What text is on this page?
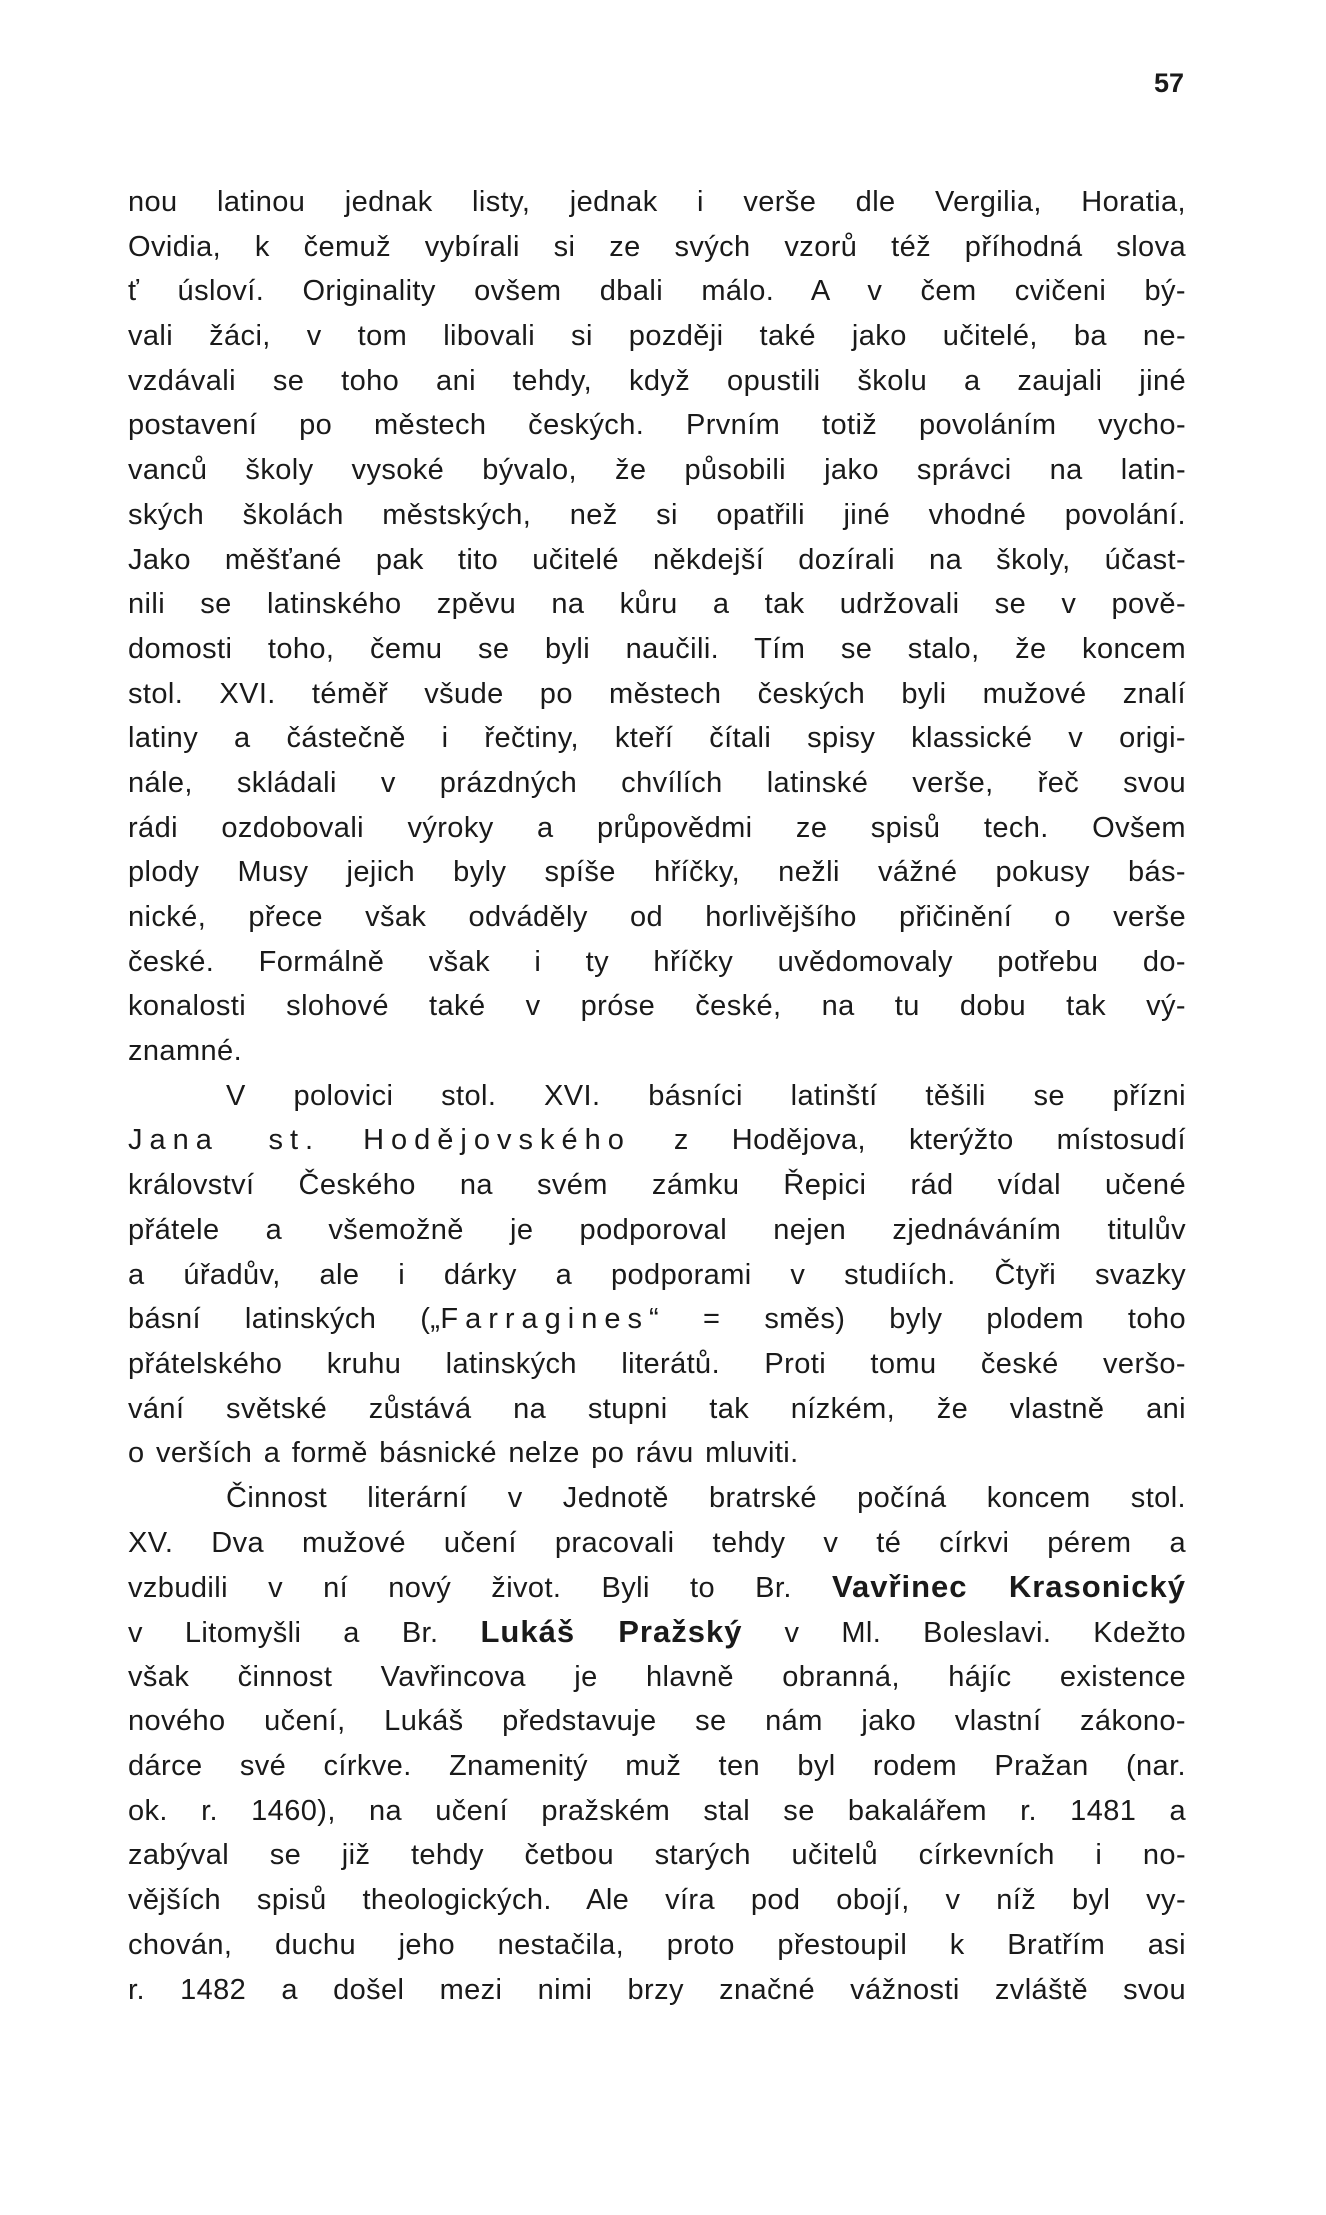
57
nou latinou jednak listy, jednak i verše dle Vergilia, Horatia,
Ovidia, k čemuž vybírali si ze svých vzorů též příhodná slova
ť úsloví. Originality ovšem dbali málo. A v čem cvičeni bý-
vali žáci, v tom libovali si později také jako učitelé, ba ne-
vzdávali se toho ani tehdy, když opustili školu a zaujali jiné
postavení po městech českých. Prvním totiž povoláním vycho-
vanců školy vysoké bývalo, že působili jako správci na latin-
ských školách městských, než si opatřili jiné vhodné povolání.
Jako měšťané pak tito učitelé někdejší dozírali na školy, účast-
nili se latinského zpěvu na kůru a tak udržovali se v pově-
domosti toho, čemu se byli naučili. Tím se stalo, že koncem
stol. XVI. téměř všude po městech českých byli mužové znalí
latiny a částečně i řečtiny, kteří čítali spisy klassické v origi-
nále, skládali v prázdných chvílích latinské verše, řeč svou
rádi ozdobovali výroky a průpovědmi ze spisů tech. Ovšem
plody Musy jejich byly spíše hříčky, nežli vážné pokusy bás-
nické, přece však odváděly od horlivějšího přičinění o verše
české. Formálně však i ty hříčky uvědomovaly potřebu do-
konalosti slohové také v próse české, na tu dobu tak vý-
znamné.
V polovici stol. XVI. básníci latinští těšili se přízni
Jana st. Hodějovského z Hodějova, kterýžto místosudí
království Českého na svém zámku Řepici rád vídal učené
přátele a všemožně je podporoval nejen zjednáváním titulův
a úřadův, ale i dárky a podporami v studiích. Čtyři svazky
básní latinských („Farragines“ = směs) byly plodem toho
přátelského kruhu latinských literátů. Proti tomu české veršo-
vání světské zůstává na stupni tak nízkém, že vlastně ani
o verších a formě básnické nelze po rávu mluviti.
Činnost literární v Jednotě bratrské počíná koncem stol.
XV. Dva mužové učení pracovali tehdy v té církvi pérem a
vzbudili v ní nový život. Byli to Br. Vavřinec Krasonický
v Litomyšli a Br. Lukáš Pražský v Ml. Boleslavi. Kdežto
však činnost Vavřincova je hlavně obranná, hájíc existence
nového učení, Lukáš představuje se nám jako vlastní zákono-
dárce své církve. Znamenitý muž ten byl rodem Pražan (nar.
ok. r. 1460), na učení pražském stal se bakalářem r. 1481 a
zabýval se již tehdy četbou starých učitelů církevních i no-
vějších spisů theologických. Ale víra pod obojí, v níž byl vy-
chován, duchu jeho nestačila, proto přestoupil k Bratřím asi
r. 1482 a došel mezi nimi brzy značné vážnosti zvláště svou
